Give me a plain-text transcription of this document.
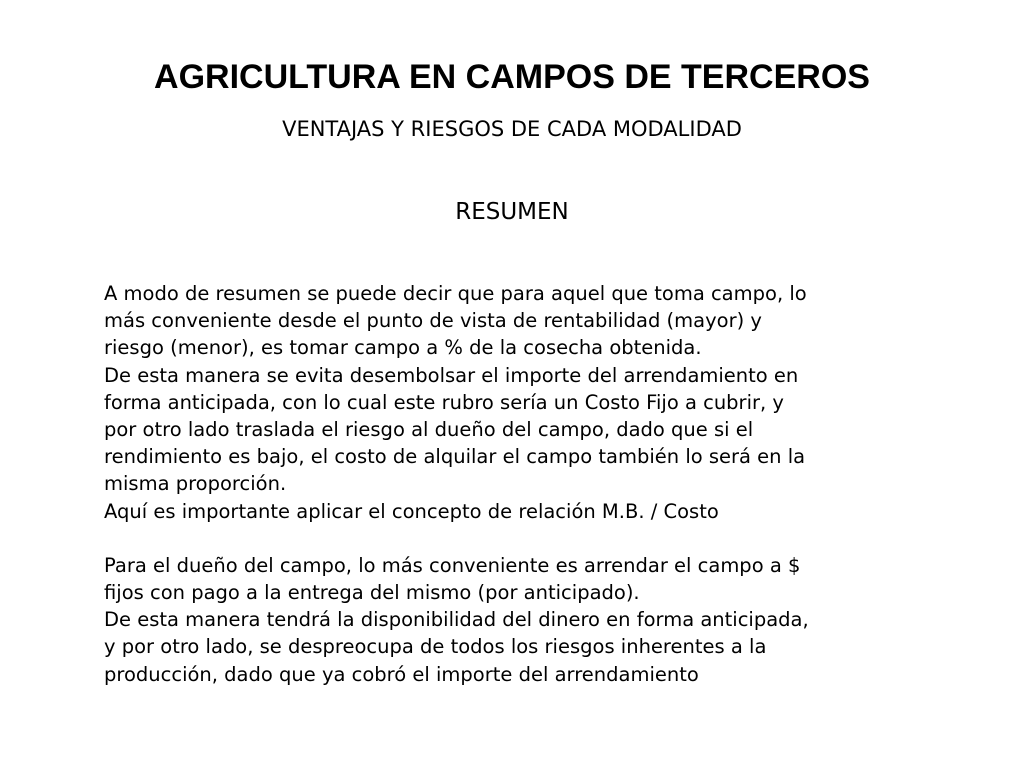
AGRICULTURA EN CAMPOS DE TERCEROS
VENTAJAS Y RIESGOS DE CADA MODALIDAD
RESUMEN
A modo de resumen se puede decir que para aquel que toma campo, lo
más conveniente desde el punto de vista de rentabilidad (mayor) y
riesgo (menor), es tomar campo a % de la cosecha obtenida.
De esta manera se evita desembolsar el importe del arrendamiento en
forma anticipada, con lo cual este rubro sería un Costo Fijo a cubrir, y
por otro lado traslada el riesgo al dueño del campo, dado que si el
rendimiento es bajo, el costo de alquilar el campo también lo será en la
misma proporción.
Aquí es importante aplicar el concepto de relación M.B. / Costo
Para el dueño del campo, lo más conveniente es arrendar el campo a $
fijos con pago a la entrega del mismo (por anticipado).
De esta manera tendrá la disponibilidad del dinero en forma anticipada,
y por otro lado, se despreocupa de todos los riesgos inherentes a la
producción, dado que ya cobró el importe del arrendamiento
